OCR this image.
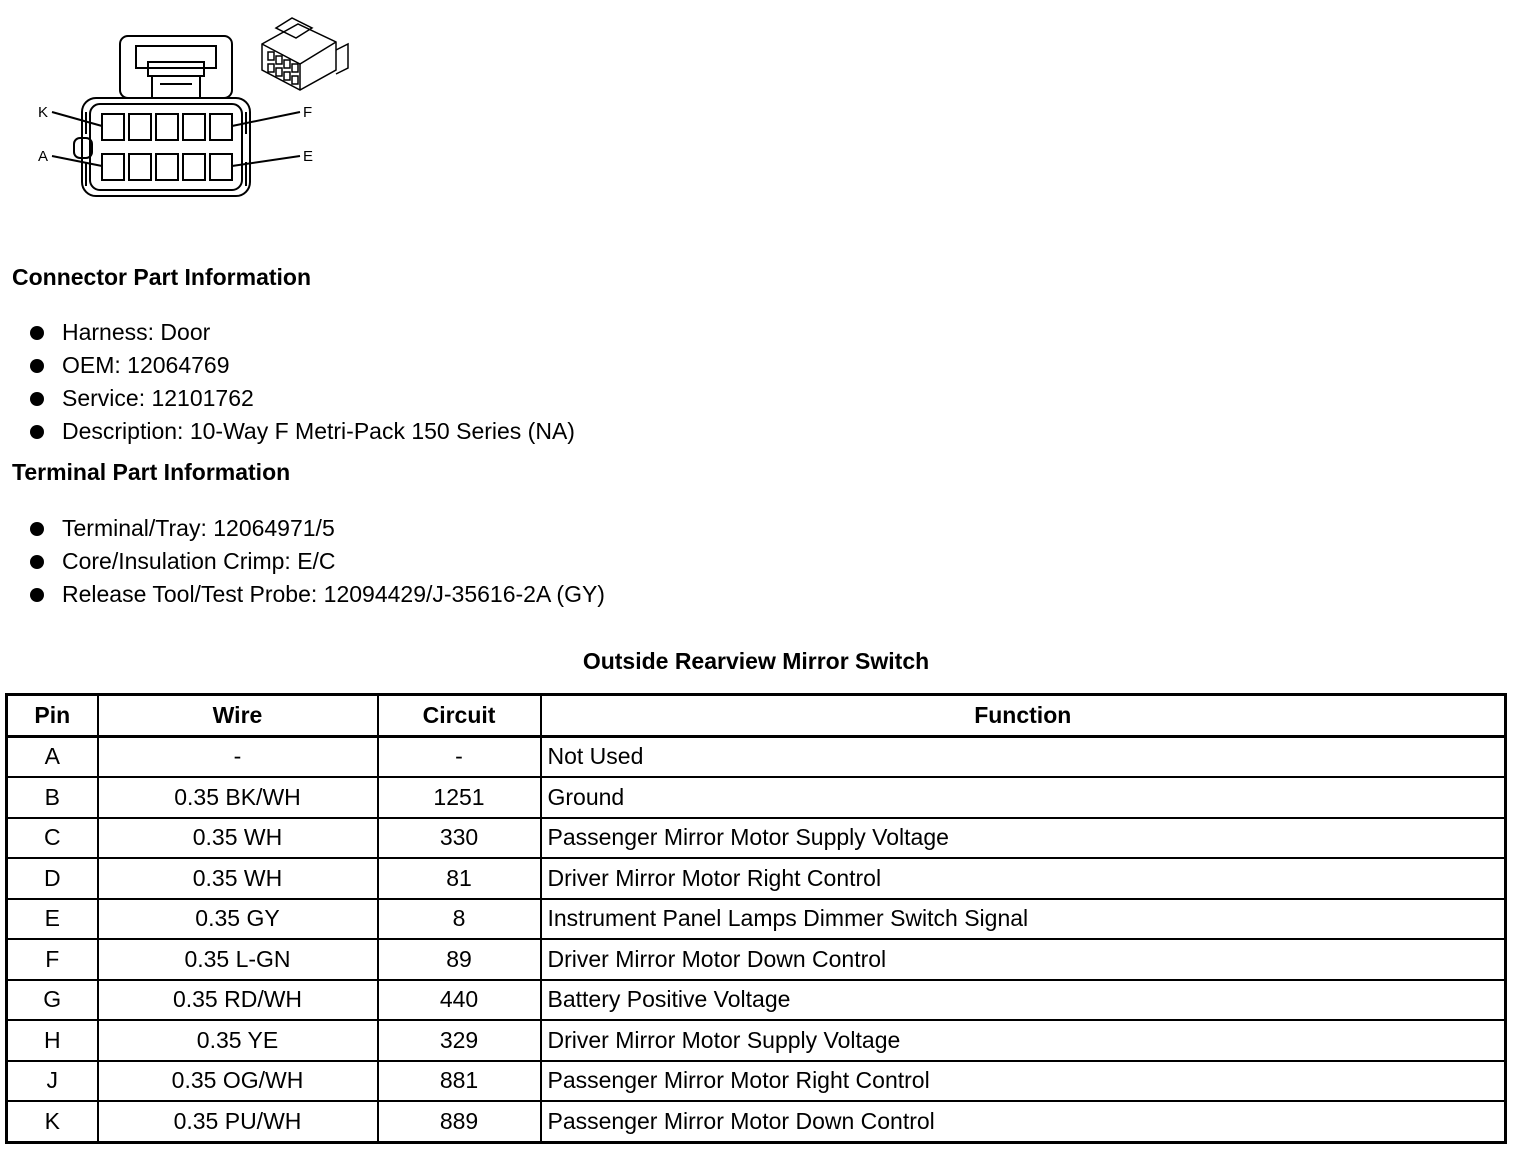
K
A
F
E
Connector Part Information
Harness: Door
OEM: 12064769
Service: 12101762
Description: 10-Way F Metri-Pack 150 Series (NA)
Terminal Part Information
Terminal/Tray: 12064971/5
Core/Insulation Crimp: E/C
Release Tool/Test Probe: 12094429/J-35616-2A (GY)
Outside Rearview Mirror Switch
Pin	Wire	Circuit	Function
A	-	-	Not Used
B	0.35 BK/WH	1251	Ground
C	0.35 WH	330	Passenger Mirror Motor Supply Voltage
D	0.35 WH	81	Driver Mirror Motor Right Control
E	0.35 GY	8	Instrument Panel Lamps Dimmer Switch Signal
F	0.35 L-GN	89	Driver Mirror Motor Down Control
G	0.35 RD/WH	440	Battery Positive Voltage
H	0.35 YE	329	Driver Mirror Motor Supply Voltage
J	0.35 OG/WH	881	Passenger Mirror Motor Right Control
K	0.35 PU/WH	889	Passenger Mirror Motor Down Control
